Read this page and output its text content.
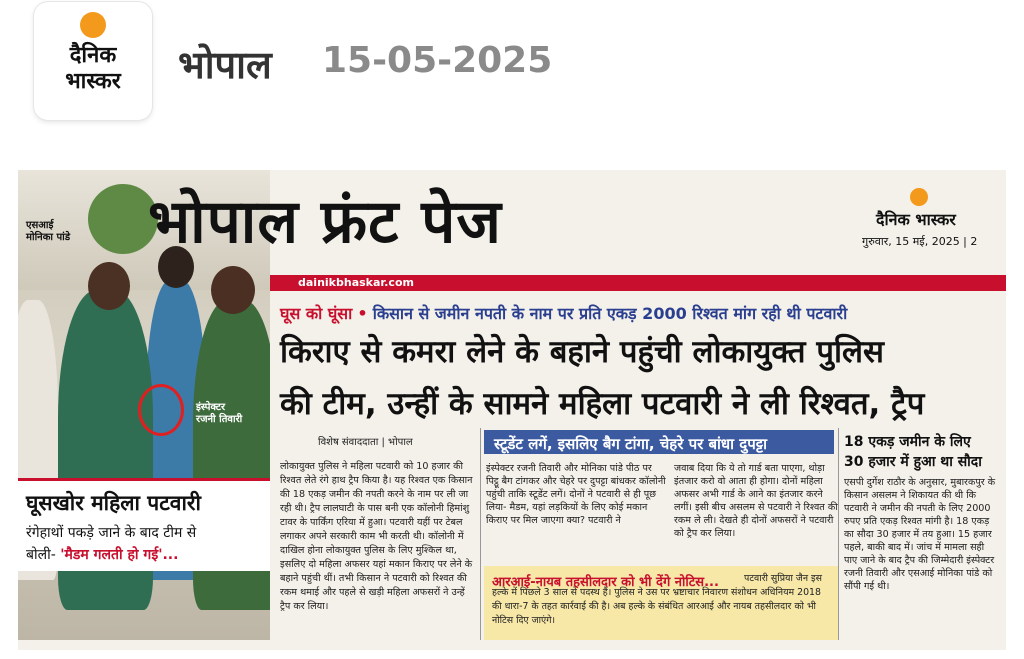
दैनिक
भास्कर	भोपाल 15-05-2025
एसआई
मोनिका पांडे
इंस्पेक्टर
रजनी तिवारी
घूसखोर महिला पटवारी
रंगेहाथों पकड़े जाने के बाद टीम से
बोली- 'मैडम गलती हो गई'...
भोपाल फ्रंट पेज	दैनिक भास्कर
गुरुवार, 15 मई, 2025 | 2
dainikbhaskar.com
घूस को घूंसा • किसान से जमीन नपती के नाम पर प्रति एकड़ 2000 रिश्वत मांग रही थी पटवारी
किराए से कमरा लेने के बहाने पहुंची लोकायुक्त पुलिस
की टीम, उन्हीं के सामने महिला पटवारी ने ली रिश्वत, ट्रैप
विशेष संवाददाता | भोपाल
लोकायुक्त पुलिस ने महिला पटवारी को 10 हजार की रिश्वत लेते रंगे हाथ ट्रैप किया है। यह रिश्वत एक किसान की 18 एकड़ जमीन की नपती करने के नाम पर ली जा रही थी। ट्रैप लालघाटी के पास बनी एक कॉलोनी हिमांशु टावर के पार्किंग एरिया में हुआ। पटवारी यहीं पर टेबल लगाकर अपने सरकारी काम भी करती थी। कॉलोनी में दाखिल होना लोकायुक्त पुलिस के लिए मुश्किल था, इसलिए दो महिला अफसर यहां मकान किराए पर लेने के बहाने पहुंची थीं। तभी किसान ने पटवारी को रिश्वत की रकम थमाई और पहले से खड़ी महिला अफसरों ने उन्हें ट्रैप कर लिया।
स्टूडेंट लगें, इसलिए बैग टांगा, चेहरे पर बांधा दुपट्टा
इंस्पेक्टर रजनी तिवारी और मोनिका पांडे पीठ पर पिट्ठू बैग टांगकर और चेहरे पर दुपट्टा बांधकर कॉलोनी पहुंची ताकि स्टूडेंट लगें। दोनों ने पटवारी से ही पूछ लिया- मैडम, यहां लड़कियों के लिए कोई मकान किराए पर मिल जाएगा क्या? पटवारी ने
जवाब दिया कि ये तो गार्ड बता पाएगा, थोड़ा इंतजार करो वो आता ही होगा। दोनों महिला अफसर अभी गार्ड के आने का इंतजार करने लगीं। इसी बीच असलम से पटवारी ने रिश्वत की रकम ले ली। देखते ही दोनों अफसरों ने पटवारी को ट्रैप कर लिया।
पटवारी सुप्रिया जैन इस हल्के में पिछले 3 साल से पदस्थ हैं। पुलिस ने उस पर भ्रष्टाचार निवारण संशोधन अधिनियम 2018 की धारा-7 के तहत कार्रवाई की है। अब हल्के के संबंधित आरआई और नायब तहसीलदार को भी नोटिस दिए जाएंगे।
आरआई-नायब तहसीलदार को भी देंगे नोटिस...
18 एकड़ जमीन के लिए
30 हजार में हुआ था सौदा
एसपी दुर्गेश राठौर के अनुसार, मुबारकपुर के किसान असलम ने शिकायत की थी कि पटवारी ने जमीन की नपती के लिए 2000 रुपए प्रति एकड़ रिश्वत मांगी है। 18 एकड़ का सौदा 30 हजार में तय हुआ। 15 हजार पहले, बाकी बाद में। जांच में मामला सही पाए जाने के बाद ट्रैप की जिम्मेदारी इंस्पेक्टर रजनी तिवारी और एसआई मोनिका पांडे को सौंपी गई थी।
